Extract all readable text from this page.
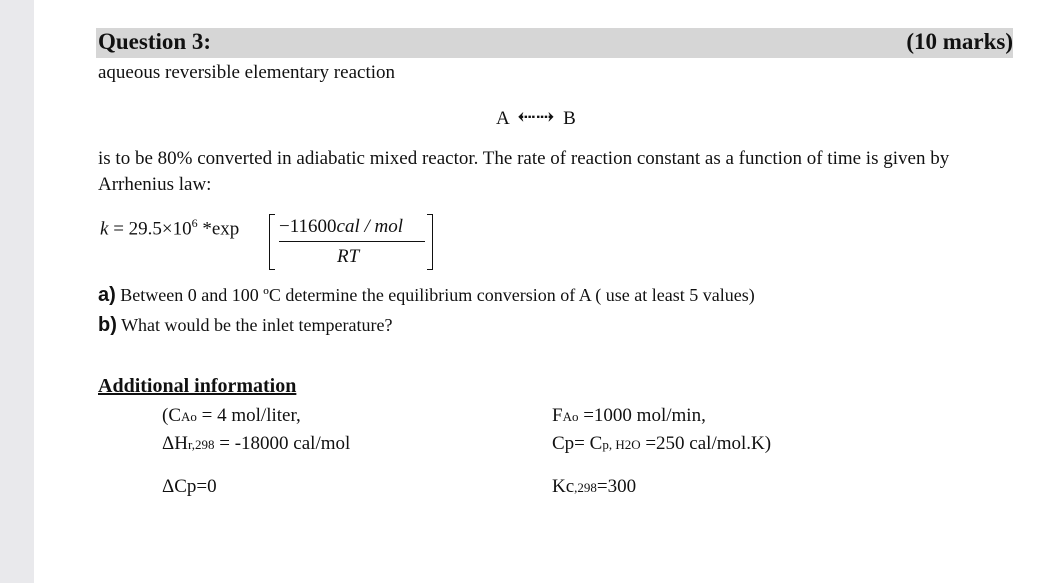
Question 3:	(10 marks)
aqueous reversible elementary reaction
A ⇠⇢ B
is to be 80% converted in adiabatic mixed reactor. The rate of reaction constant as a function of time is given by Arrhenius law:
$k = 29.5\times 10^6$ *exp −11600cal / mol
RT
a) Between 0 and 100 ºC determine the equilibrium conversion of A ( use at least 5 values)
b) What would be the inlet temperature?
Additional information
(CAo = 4 mol/liter,
ΔHr,298 = -18000 cal/mol
ΔCp=0
FAo =1000 mol/min,
Cp= Cp, H2O =250 cal/mol.K)
Kc,298=300
